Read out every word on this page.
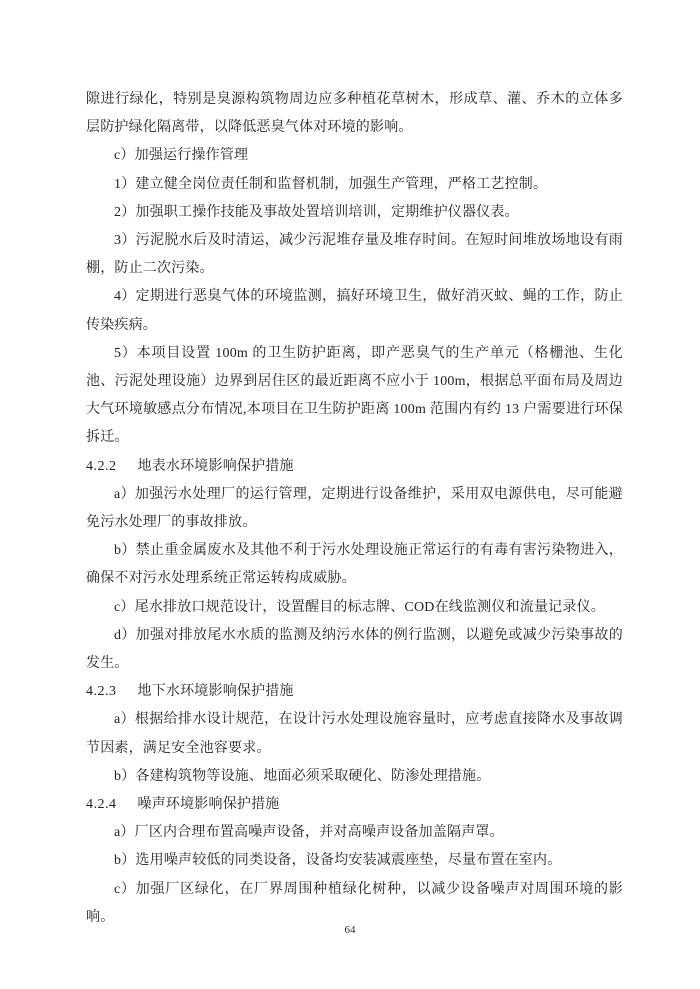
隙进行绿化，特别是臭源构筑物周边应多种植花草树木，形成草、灌、乔木的立体多层防护绿化隔离带，以降低恶臭气体对环境的影响。

c）加强运行操作管理

1）建立健全岗位责任制和监督机制，加强生产管理，严格工艺控制。

2）加强职工操作技能及事故处置培训培训，定期维护仪器仪表。

3）污泥脱水后及时清运，减少污泥堆存量及堆存时间。在短时间堆放场地设有雨棚，防止二次污染。

4）定期进行恶臭气体的环境监测，搞好环境卫生，做好消灭蚊、蝇的工作，防止传染疾病。

5）本项目设置 100m 的卫生防护距离，即产恶臭气的生产单元（格栅池、生化池、污泥处理设施）边界到居住区的最近距离不应小于 100m，根据总平面布局及周边大气环境敏感点分布情况,本项目在卫生防护距离 100m 范围内有约 13 户需要进行环保拆迁。

4.2.2 地表水环境影响保护措施

a）加强污水处理厂的运行管理，定期进行设备维护，采用双电源供电，尽可能避免污水处理厂的事故排放。

b）禁止重金属废水及其他不利于污水处理设施正常运行的有毒有害污染物进入，确保不对污水处理系统正常运转构成威胁。

c）尾水排放口规范设计，设置醒目的标志牌、COD在线监测仪和流量记录仪。

d）加强对排放尾水水质的监测及纳污水体的例行监测，以避免或减少污染事故的发生。

4.2.3 地下水环境影响保护措施

a）根据给排水设计规范，在设计污水处理设施容量时，应考虑直接降水及事故调节因素，满足安全池容要求。

b）各建构筑物等设施、地面必须采取硬化、防渗处理措施。

4.2.4 噪声环境影响保护措施

a）厂区内合理布置高噪声设备，并对高噪声设备加盖隔声罩。

b）选用噪声较低的同类设备，设备均安装减震座垫，尽量布置在室内。

c）加强厂区绿化，在厂界周围种植绿化树种，以减少设备噪声对周围环境的影响。

64
